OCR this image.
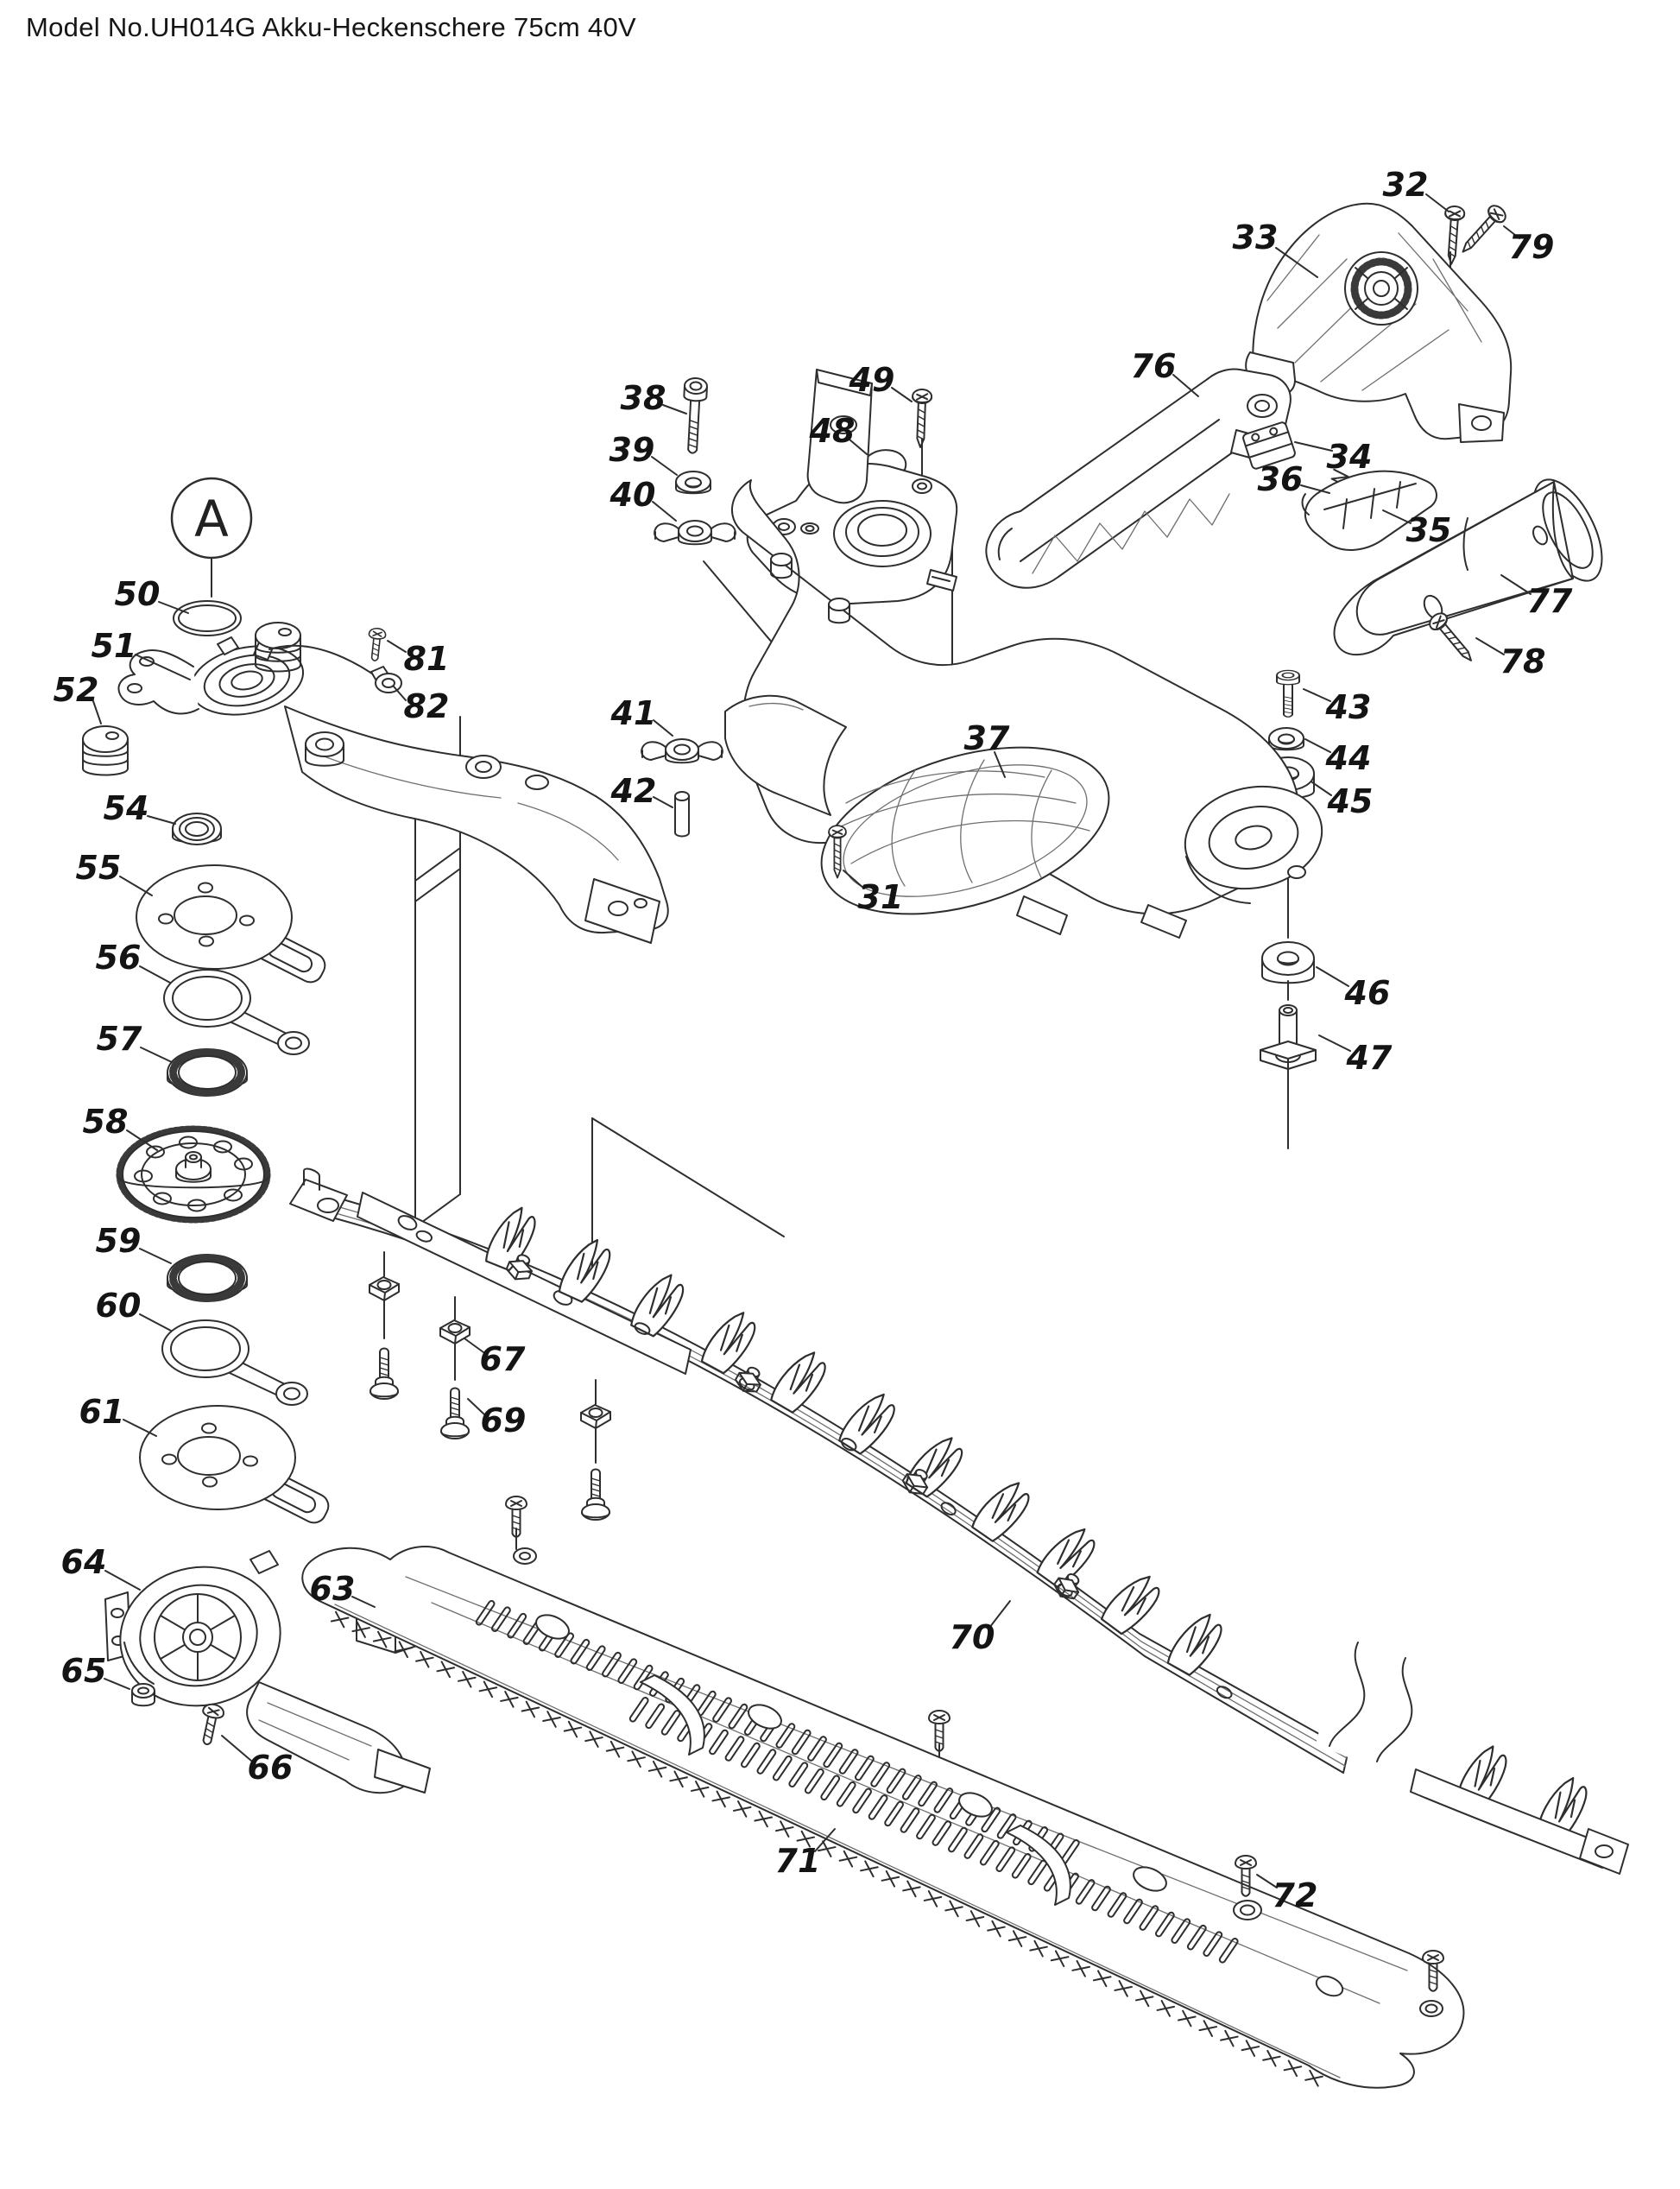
Model No.UH014G Akku-Heckenschere 75cm 40V
A
31
32
33
34
35
36
37
38
39
40
41
42
43
44
45
46
47
48
49
50
51
52
54
55
56
57
58
59
60
61
63
64
65
66
67
69
70
71
72
76
77
78
79
81
82
